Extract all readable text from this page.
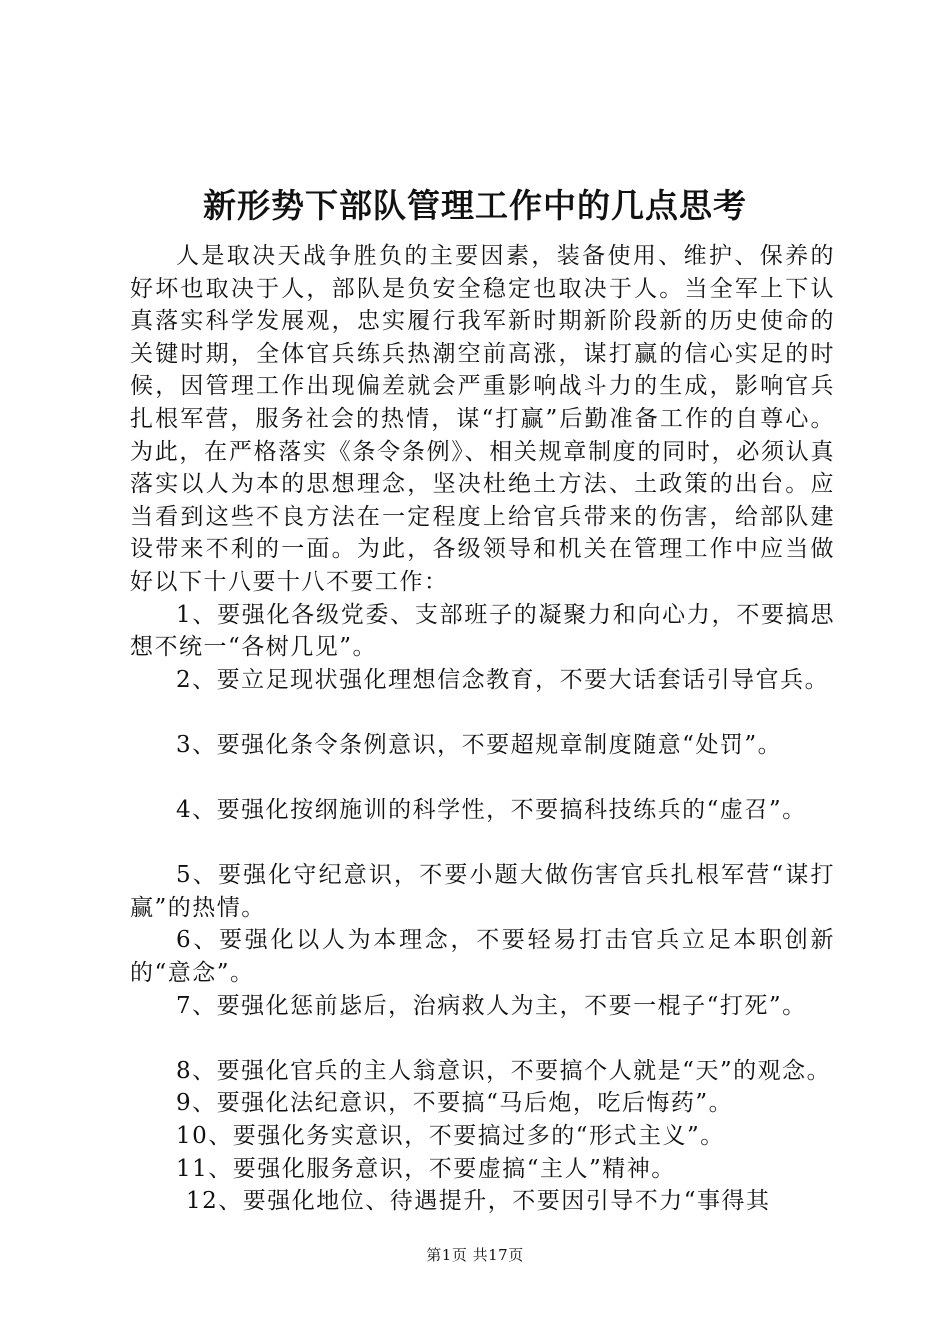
新形势下部队管理工作中的几点思考

人是取决天战争胜负的主要因素，装备使用、维护、保养的好坏也取决于人，部队是负安全稳定也取决于人。当全军上下认真落实科学发展观，忠实履行我军新时期新阶段新的历史使命的关键时期，全体官兵练兵热潮空前高涨，谋打赢的信心实足的时候，因管理工作出现偏差就会严重影响战斗力的生成，影响官兵扎根军营，服务社会的热情，谋“打赢”后勤准备工作的自尊心。为此，在严格落实《条令条例》、相关规章制度的同时，必须认真落实以人为本的思想理念，坚决杜绝土方法、土政策的出台。应当看到这些不良方法在一定程度上给官兵带来的伤害，给部队建设带来不利的一面。为此，各级领导和机关在管理工作中应当做好以下十八要十八不要工作：

1、要强化各级党委、支部班子的凝聚力和向心力，不要搞思想不统一“各树几见”。

2、要立足现状强化理想信念教育，不要大话套话引导官兵。

3、要强化条令条例意识，不要超规章制度随意“处罚”。

4、要强化按纲施训的科学性，不要搞科技练兵的“虚召”。

5、要强化守纪意识，不要小题大做伤害官兵扎根军营“谋打赢”的热情。

6、要强化以人为本理念，不要轻易打击官兵立足本职创新的“意念”。

7、要强化惩前毖后，治病救人为主，不要一棍子“打死”。

8、要强化官兵的主人翁意识，不要搞个人就是“天”的观念。

9、要强化法纪意识，不要搞“马后炮，吃后悔药”。

10、要强化务实意识，不要搞过多的“形式主义”。

11、要强化服务意识，不要虚搞“主人”精神。

12、要强化地位、待遇提升，不要因引导不力“事得其

第1页 共17页
